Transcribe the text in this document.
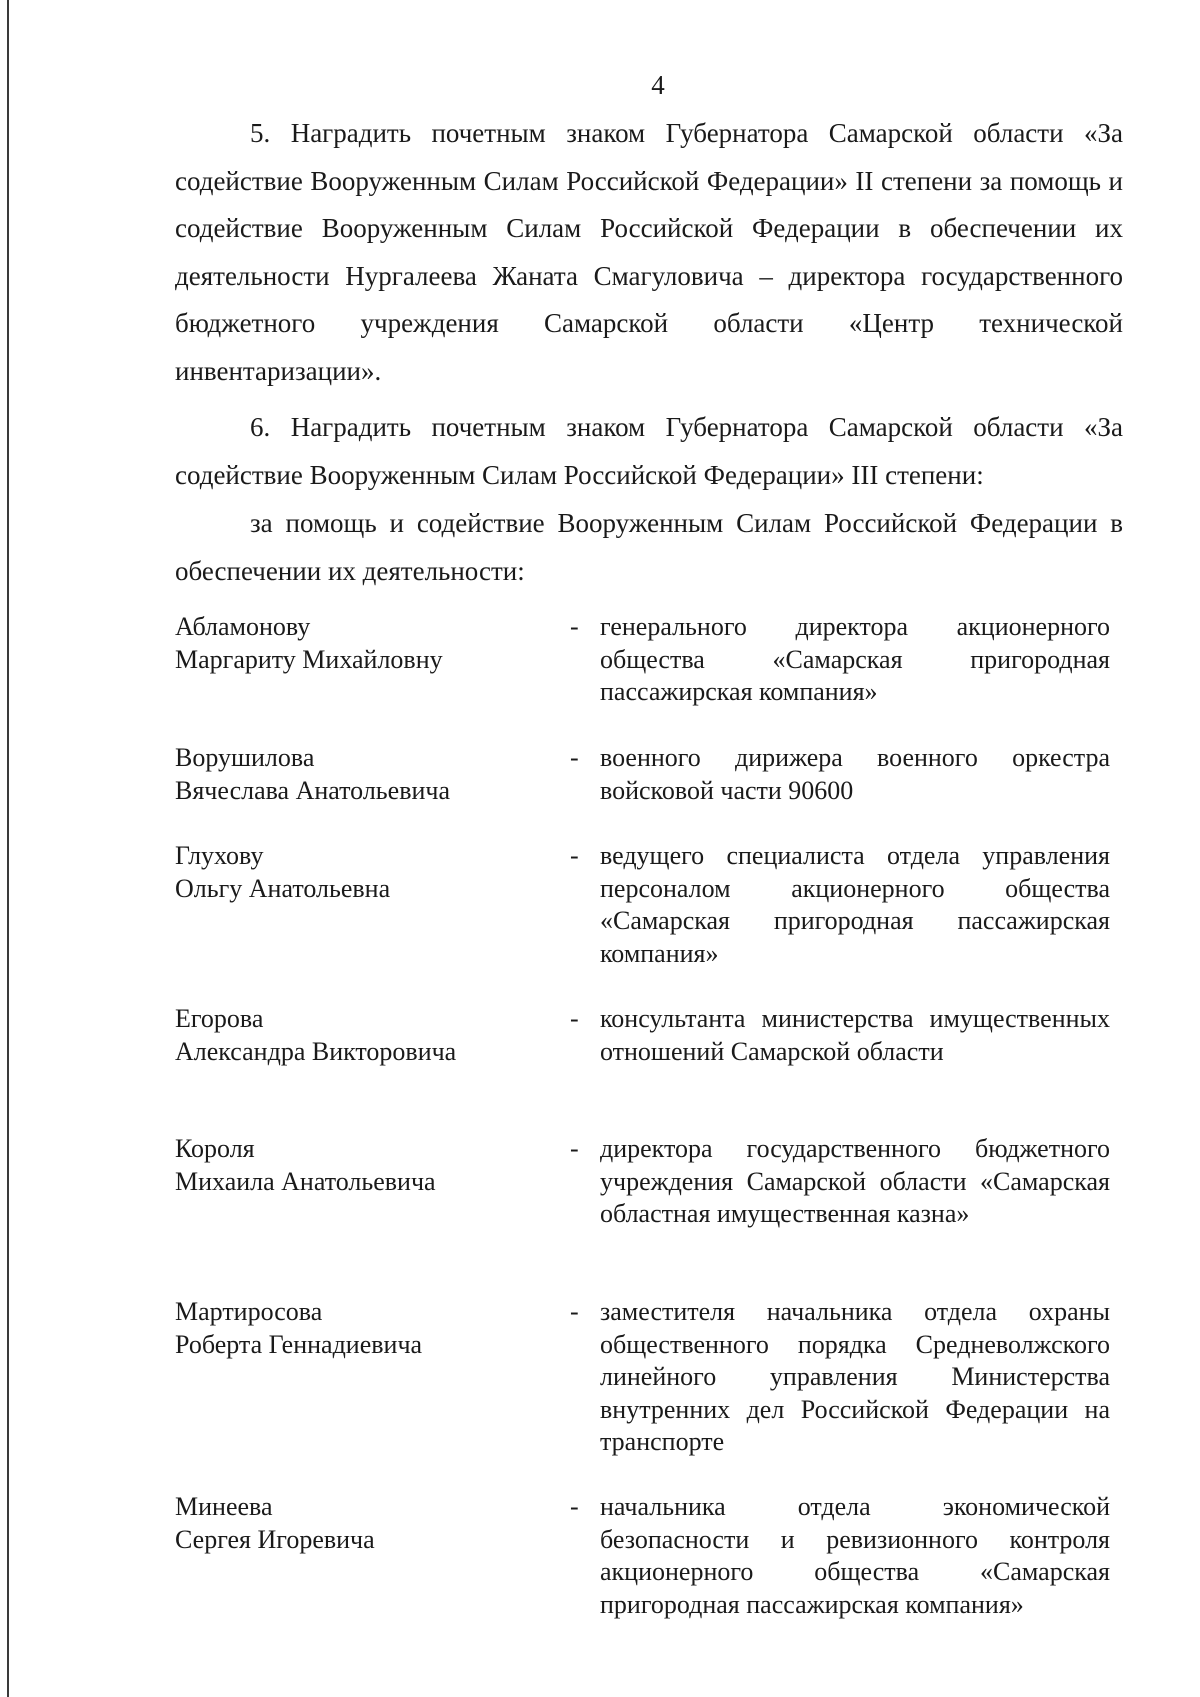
4

5. Наградить почетным знаком Губернатора Самарской области «За содействие Вооруженным Силам Российской Федерации» II степени за помощь и содействие Вооруженным Силам Российской Федерации в обеспечении их деятельности Нургалеева Жаната Смагуловича – директора государственного бюджетного учреждения Самарской области «Центр технической инвентаризации».

6. Наградить почетным знаком Губернатора Самарской области «За содействие Вооруженным Силам Российской Федерации» III степени:

за помощь и содействие Вооруженным Силам Российской Федерации в обеспечении их деятельности:

Абламонову
Маргариту Михайловну
- генерального директора акционерного общества «Самарская пригородная пассажирская компания»
Ворушилова
Вячеслава Анатольевича
- военного дирижера военного оркестра войсковой части 90600
Глухову
Ольгу Анатольевна
- ведущего специалиста отдела управления персоналом акционерного общества «Самарская пригородная пассажирская компания»
Егорова
Александра Викторовича
- консультанта министерства имущественных отношений Самарской области
Короля
Михаила Анатольевича
- директора государственного бюджетного учреждения Самарской области «Самарская областная имущественная казна»
Мартиросова
Роберта Геннадиевича
- заместителя начальника отдела охраны общественного порядка Средневолжского линейного управления Министерства внутренних дел Российской Федерации на транспорте
Минеева
Сергея Игоревича
- начальника отдела экономической безопасности и ревизионного контроля акционерного общества «Самарская пригородная пассажирская компания»
